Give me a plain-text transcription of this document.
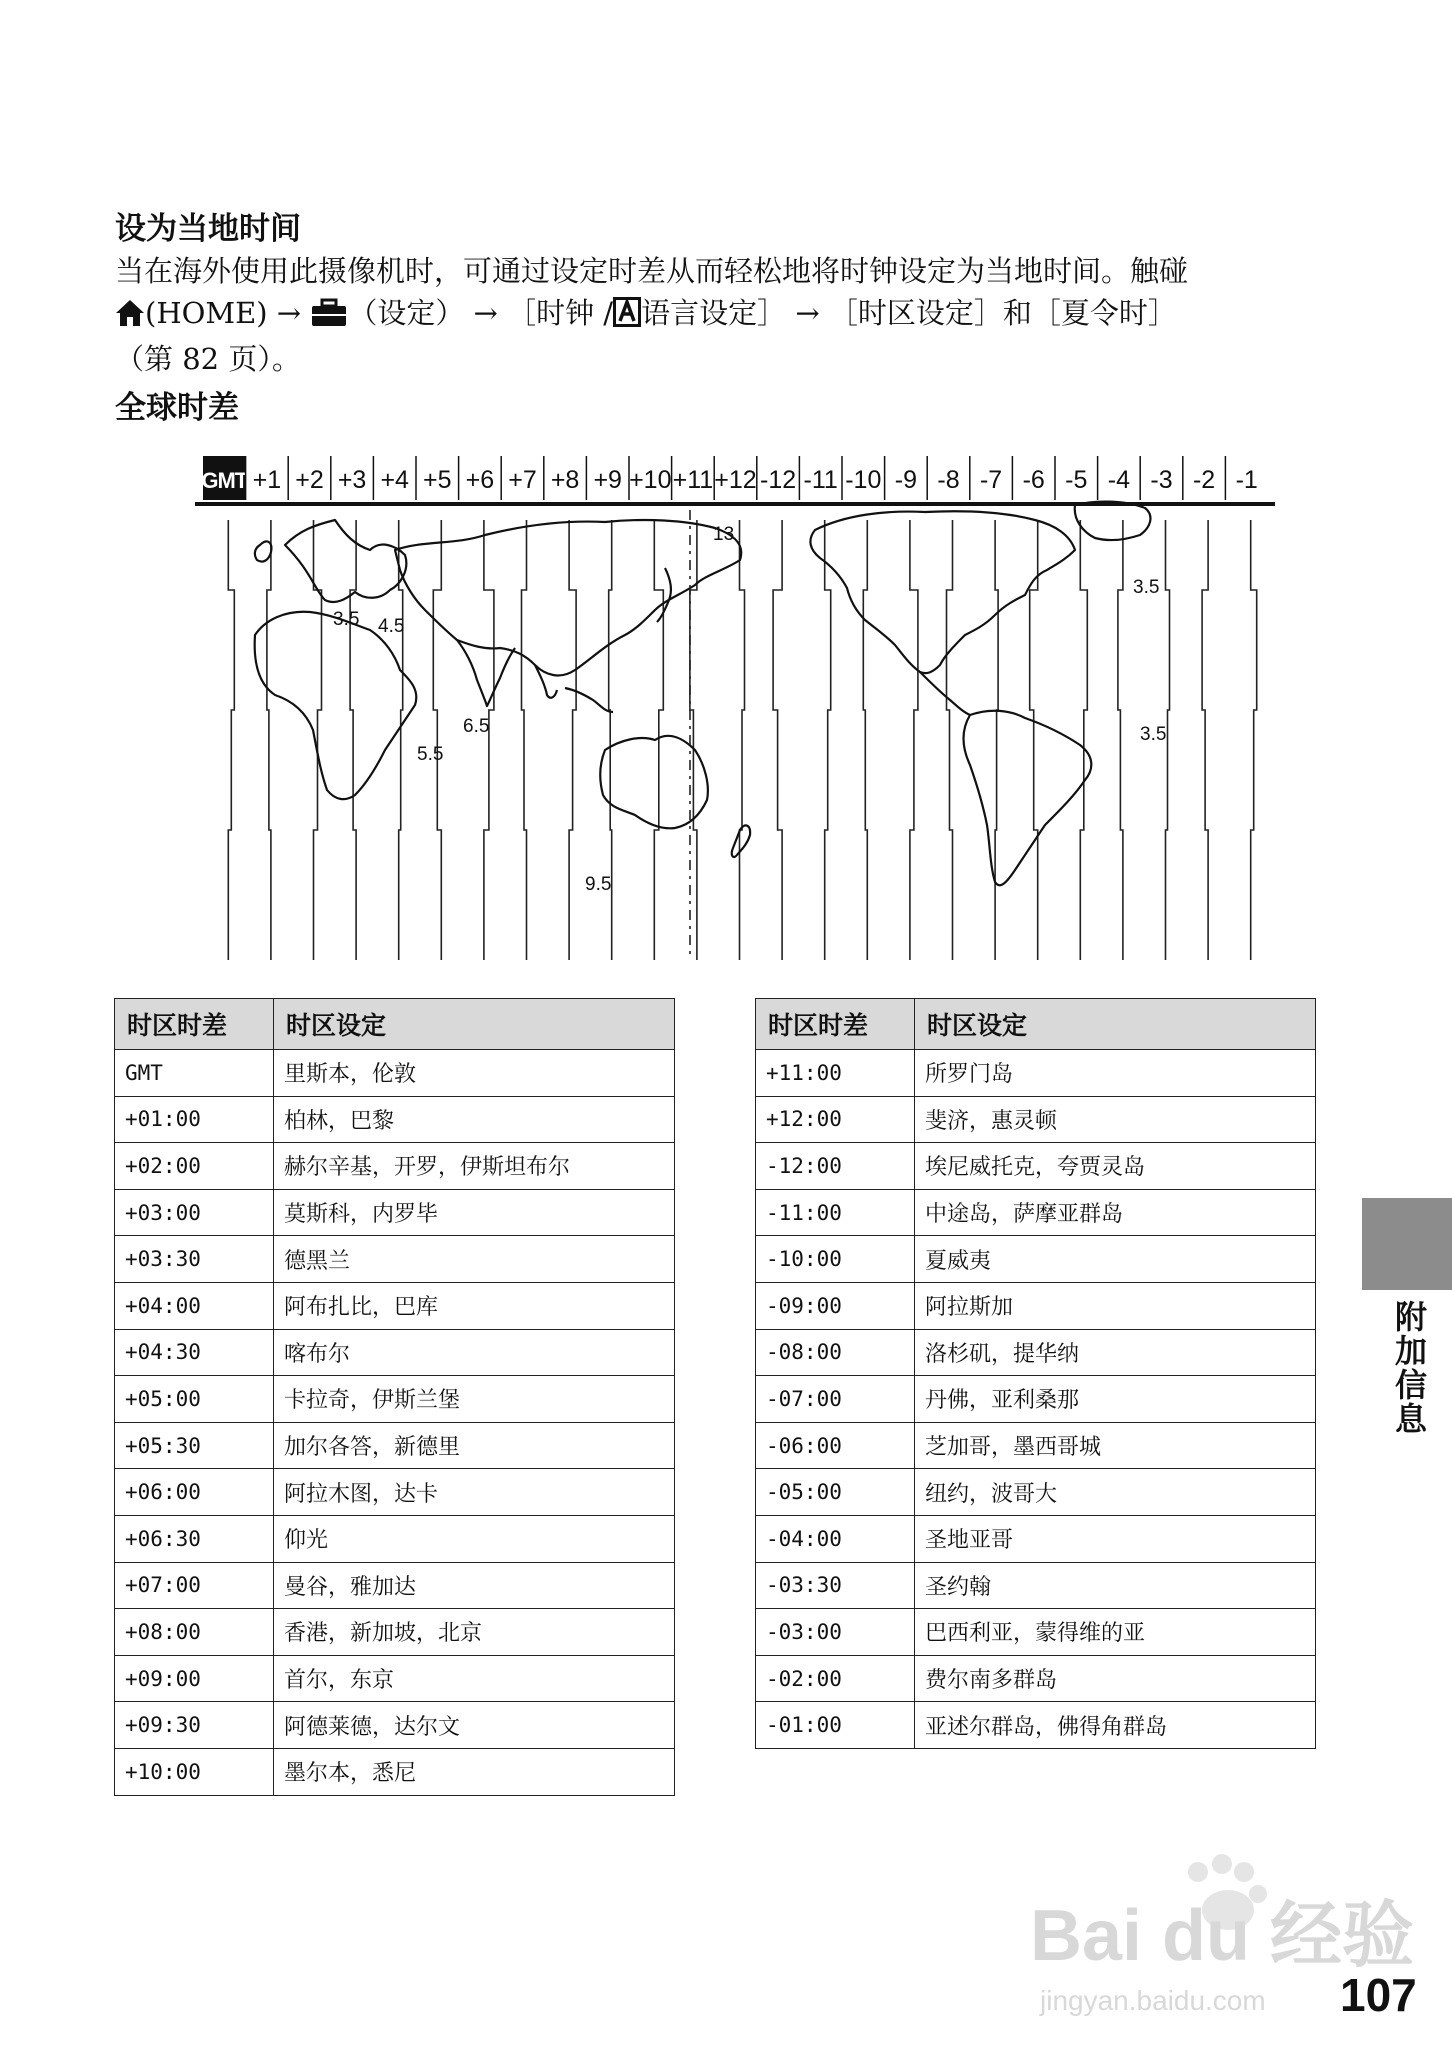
设为当地时间
当在海外使用此摄像机时，可通过设定时差从而轻松地将时钟设定为当地时间。触碰
(HOME) → （设定） → ［时钟 / 语言设定］ → ［时区设定］和［夏令时］
（第 82 页）。
全球时差
GMT +1 +2 +3 +4 +5 +6 +7 +8 +9 +10 +11 +12 -12 -11 -10 -9 -8 -7 -6 -5 -4 -3 -2 -1
3.5 4.5
5.5
6.5
9.5
13
3.5
3.5
时区时差	时区设定
GMT	里斯本，伦敦
+01:00	柏林，巴黎
+02:00	赫尔辛基，开罗，伊斯坦布尔
+03:00	莫斯科，内罗毕
+03:30	德黑兰
+04:00	阿布扎比，巴库
+04:30	喀布尔
+05:00	卡拉奇，伊斯兰堡
+05:30	加尔各答，新德里
+06:00	阿拉木图，达卡
+06:30	仰光
+07:00	曼谷，雅加达
+08:00	香港，新加坡，北京
+09:00	首尔，东京
+09:30	阿德莱德，达尔文
+10:00	墨尔本，悉尼
时区时差	时区设定
+11:00	所罗门岛
+12:00	斐济，惠灵顿
-12:00	埃尼威托克，夸贾灵岛
-11:00	中途岛，萨摩亚群岛
-10:00	夏威夷
-09:00	阿拉斯加
-08:00	洛杉矶，提华纳
-07:00	丹佛，亚利桑那
-06:00	芝加哥，墨西哥城
-05:00	纽约，波哥大
-04:00	圣地亚哥
-03:30	圣约翰
-03:00	巴西利亚，蒙得维的亚
-02:00	费尔南多群岛
-01:00	亚述尔群岛，佛得角群岛
附加信息
Bai du 经验
jingyan.baidu.com 107
